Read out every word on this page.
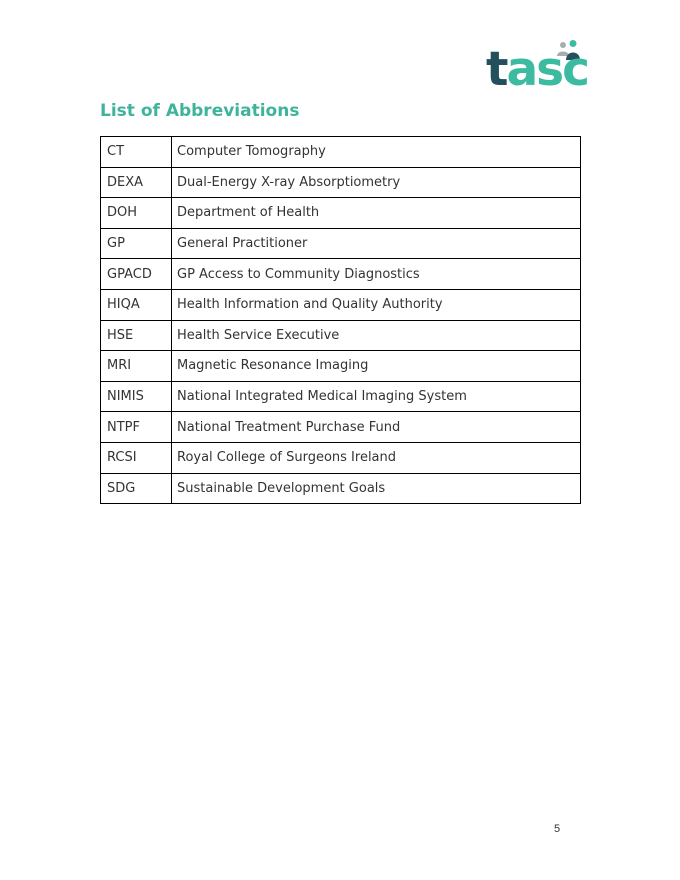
tasc
List of Abbreviations
CT	Computer Tomography
DEXA	Dual-Energy X-ray Absorptiometry
DOH	Department of Health
GP	General Practitioner
GPACD	GP Access to Community Diagnostics
HIQA	Health Information and Quality Authority
HSE	Health Service Executive
MRI	Magnetic Resonance Imaging
NIMIS	National Integrated Medical Imaging System
NTPF	National Treatment Purchase Fund
RCSI	Royal College of Surgeons Ireland
SDG	Sustainable Development Goals
5
